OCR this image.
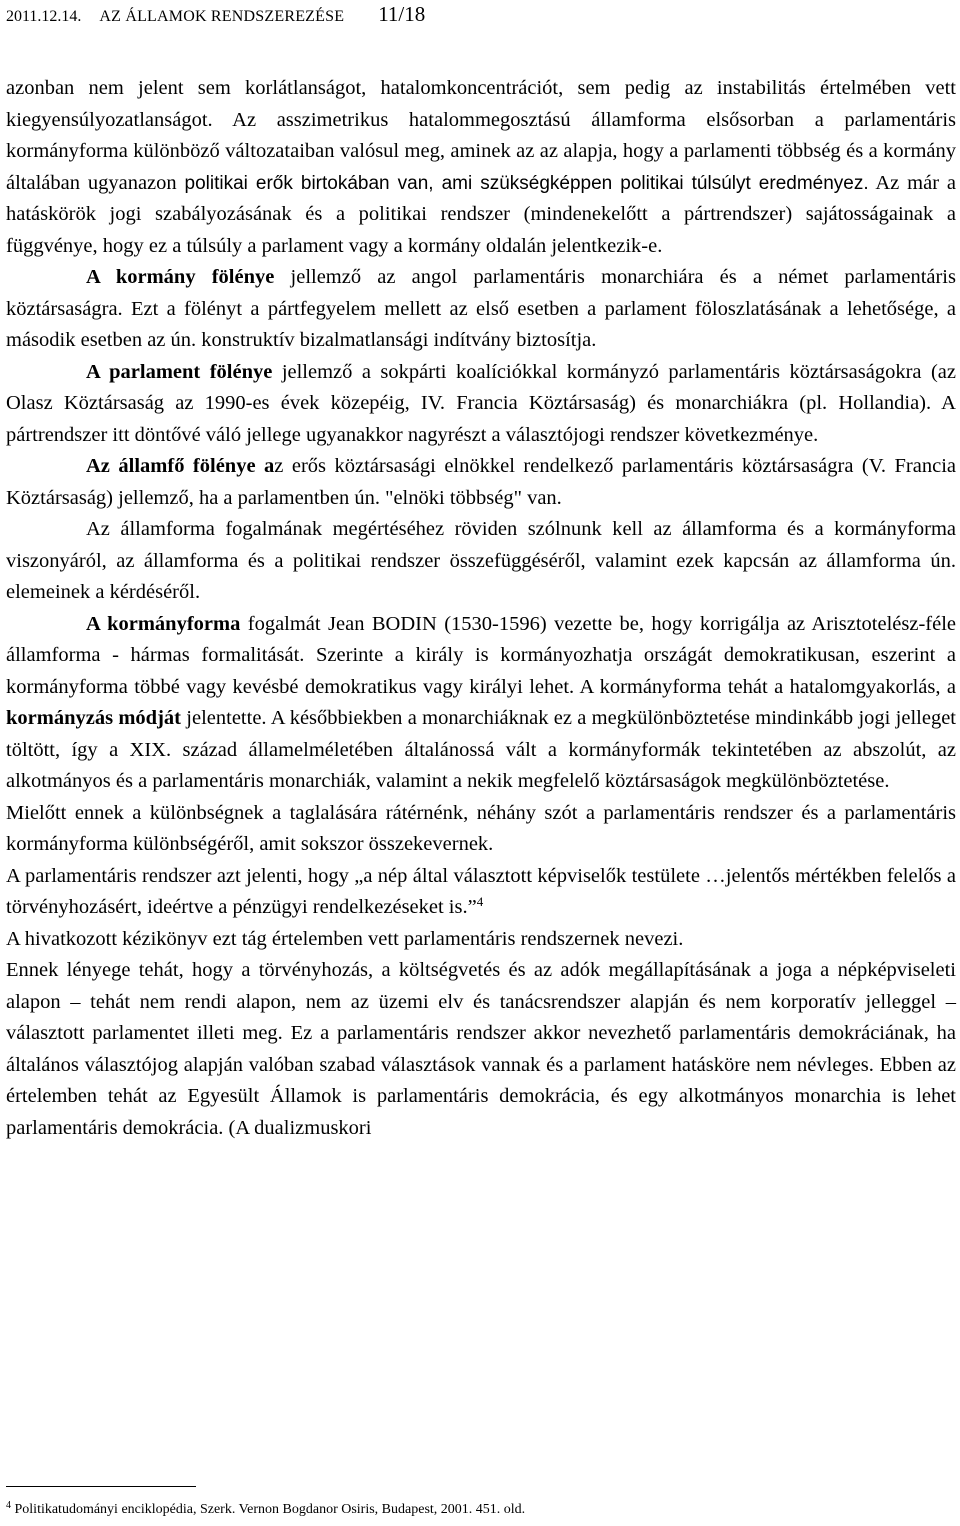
2011.12.14. AZ ÁLLAMOK RENDSZEREZÉSE 11/18

azonban nem jelent sem korlátlanságot, hatalomkoncentrációt, sem pedig az instabilitás értelmében vett kiegyensúlyozatlanságot. Az asszimetrikus hatalommegosztású államforma elsősorban a parlamentáris kormányforma különböző változataiban valósul meg, aminek az az alapja, hogy a parlamenti többség és a kormány általában ugyanazon politikai erők birtokában van, ami szükségképpen politikai túlsúlyt eredményez. Az már a hatáskörök jogi szabályozásának és a politikai rendszer (mindenekelőtt a pártrendszer) sajátosságainak a függvénye, hogy ez a túlsúly a parlament vagy a kormány oldalán jelentkezik-e.

A kormány fölénye jellemző az angol parlamentáris monarchiára és a német parlamentáris köztársaságra. Ezt a fölényt a pártfegyelem mellett az első esetben a parlament föloszlatásának a lehetősége, a második esetben az ún. konstruktív bizalmatlansági indítvány biztosítja.

A parlament fölénye jellemző a sokpárti koalíciókkal kormányzó parlamentáris köztársaságokra (az Olasz Köztársaság az 1990-es évek közepéig, IV. Francia Köztársaság) és monarchiákra (pl. Hollandia). A pártrendszer itt döntővé váló jellege ugyanakkor nagyrészt a választójogi rendszer következménye.

Az államfő fölénye az erős köztársasági elnökkel rendelkező parlamentáris köztársaságra (V. Francia Köztársaság) jellemző, ha a parlamentben ún. "elnöki többség" van.

Az államforma fogalmának megértéséhez röviden szólnunk kell az államforma és a kormányforma viszonyáról, az államforma és a politikai rendszer összefüggéséről, valamint ezek kapcsán az államforma ún. elemeinek a kérdéséről.

A kormányforma fogalmát Jean BODIN (1530-1596) vezette be, hogy korrigálja az Arisztotelész-féle államforma - hármas formalitását. Szerinte a király is kormányozhatja országát demokratikusan, eszerint a kormányforma többé vagy kevésbé demokratikus vagy királyi lehet. A kormányforma tehát a hatalomgyakorlás, a kormányzás módját jelentette. A későbbiekben a monarchiáknak ez a megkülönböztetése mindinkább jogi jelleget töltött, így a XIX. század államelméletében általánossá vált a kormányformák tekintetében az abszolút, az alkotmányos és a parlamentáris monarchiák, valamint a nekik megfelelő köztársaságok megkülönböztetése.

Mielőtt ennek a különbségnek a taglalására rátérnénk, néhány szót a parlamentáris rendszer és a parlamentáris kormányforma különbségéről, amit sokszor összekevernek.

A parlamentáris rendszer azt jelenti, hogy „a nép által választott képviselők testülete …jelentős mértékben felelős a törvényhozásért, ideértve a pénzügyi rendelkezéseket is.”$^4$

A hivatkozott kézikönyv ezt tág értelemben vett parlamentáris rendszernek nevezi.

Ennek lényege tehát, hogy a törvényhozás, a költségvetés és az adók megállapításának a joga a népképviseleti alapon – tehát nem rendi alapon, nem az üzemi elv és tanácsrendszer alapján és nem korporatív jelleggel – választott parlamentet illeti meg. Ez a parlamentáris rendszer akkor nevezhető parlamentáris demokráciának, ha általános választójog alapján valóban szabad választások vannak és a parlament hatásköre nem névleges. Ebben az értelemben tehát az Egyesült Államok is parlamentáris demokrácia, és egy alkotmányos monarchia is lehet parlamentáris demokrácia. (A dualizmuskori

$^4$ Politikatudományi enciklopédia, Szerk. Vernon Bogdanor Osiris, Budapest, 2001. 451. old.
